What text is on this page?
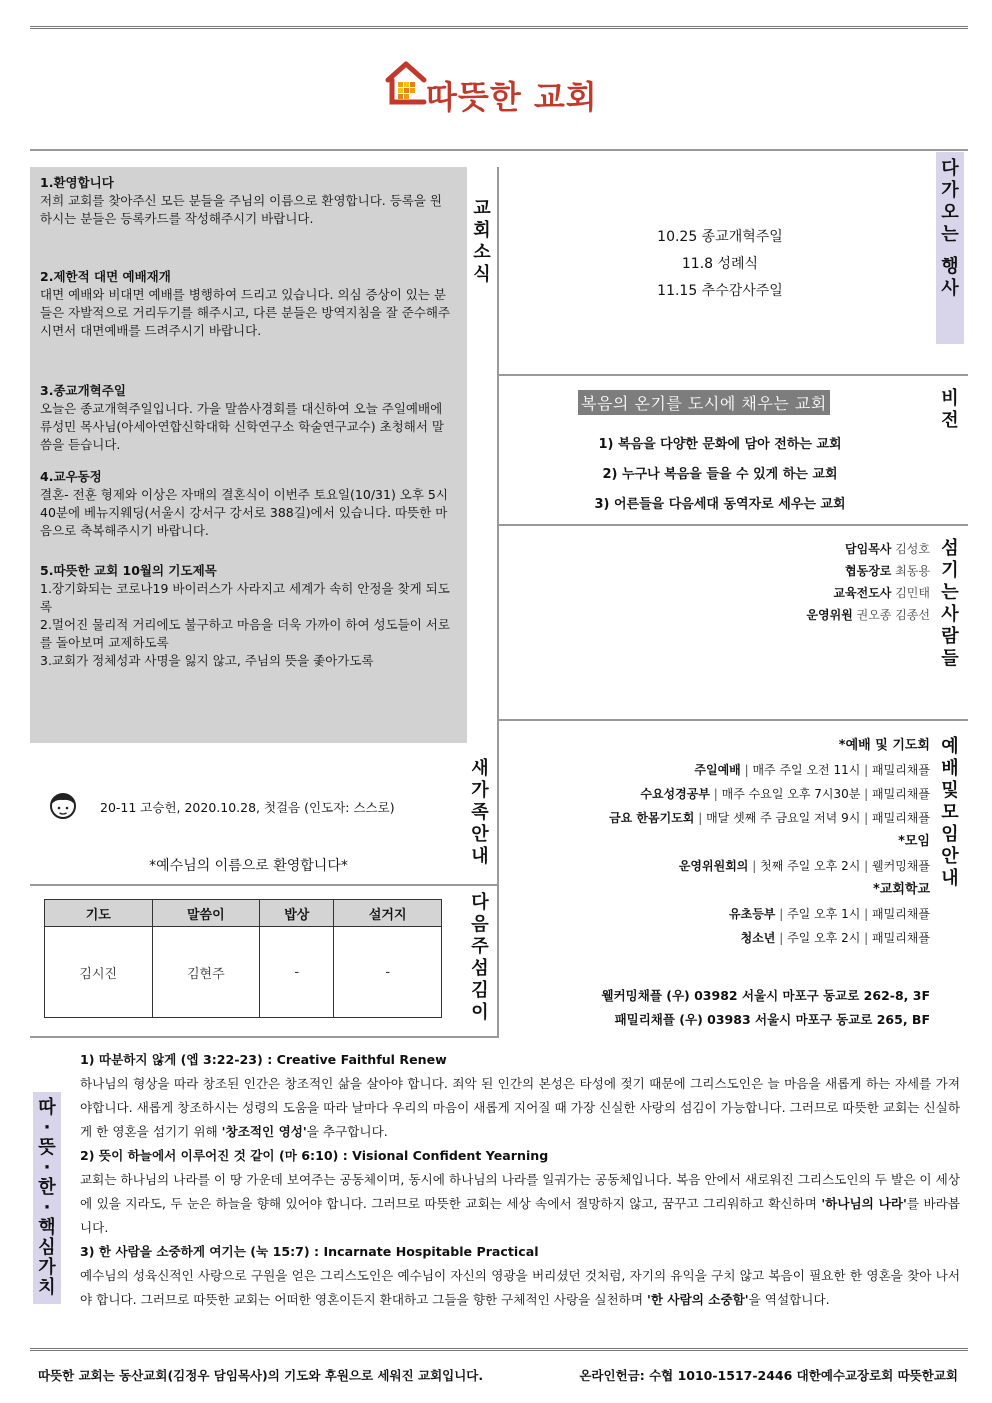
따뜻한 교회
교
회
소
식

1.환영합니다

저희 교회를 찾아주신 모든 분들을 주님의 이름으로 환영합니다. 등록을 원하시는 분들은 등록카드를 작성해주시기 바랍니다.

2.제한적 대면 예배재개

대면 예배와 비대면 예배를 병행하여 드리고 있습니다. 의심 증상이 있는 분들은 자발적으로 거리두기를 해주시고, 다른 분들은 방역지침을 잘 준수해주시면서 대면예배를 드려주시기 바랍니다.

3.종교개혁주일

오늘은 종교개혁주일입니다. 가을 말씀사경회를 대신하여 오늘 주일예배에 류성민 목사님(아세아연합신학대학 신학연구소 학술연구교수) 초청해서 말씀을 듣습니다.

4.교우동정

결혼- 전훈 형제와 이상은 자매의 결혼식이 이번주 토요일(10/31) 오후 5시 40분에 베뉴지웨딩(서울시 강서구 강서로 388길)에서 있습니다. 따뜻한 마음으로 축복해주시기 바랍니다.

5.따뜻한 교회 10월의 기도제목

1.장기화되는 코로나19 바이러스가 사라지고 세계가 속히 안정을 찾게 되도록

2.멀어진 물리적 거리에도 불구하고 마음을 더욱 가까이 하여 성도들이 서로를 돌아보며 교제하도록

3.교회가 정체성과 사명을 잃지 않고, 주님의 뜻을 좇아가도록

다
가
오
는
행
사
10.25 종교개혁주일
11.8 성례식
11.15 추수감사주일
비
전
복음의 온기를 도시에 채우는 교회
1) 복음을 다양한 문화에 담아 전하는 교회
2) 누구나 복음을 들을 수 있게 하는 교회
3) 어른들을 다음세대 동역자로 세우는 교회
섬
기
는
사
람
들
담임목사 김성호
협동장로 최동용
교육전도사 김민태
운영위원 권오종 김종선
예
배
및
모
임
안
내
*예배 및 기도회
주일예배 | 매주 주일 오전 11시 | 패밀리채플
수요성경공부 | 매주 수요일 오후 7시30분 | 패밀리채플
금요 한몸기도회 | 매달 셋째 주 금요일 저녁 9시 | 패밀리채플
*모임
운영위원회의 | 첫째 주일 오후 2시 | 웰커밍채플
*교회학교
유초등부 | 주일 오후 1시 | 패밀리채플
청소년 | 주일 오후 2시 | 패밀리채플
웰커밍채플 (우) 03982 서울시 마포구 동교로 262-8, 3F
패밀리채플 (우) 03983 서울시 마포구 동교로 265, BF
새
가
족
안
내
20-11 고승헌, 2020.10.28, 첫걸음 (인도자: 스스로)
*예수님의 이름으로 환영합니다*
다
음
주
섬
김
이
기도	말씀이	밥상	설거지
김시진	김현주	-	-
따
·
뜻
·
한
·
핵
심
가
치

1) 따분하지 않게 (엡 3:22-23) : Creative Faithful Renew

하나님의 형상을 따라 창조된 인간은 창조적인 삶을 살아야 합니다. 죄악 된 인간의 본성은 타성에 젖기 때문에 그리스도인은 늘 마음을 새롭게 하는 자세를 가져야합니다. 새롭게 창조하시는 성령의 도움을 따라 날마다 우리의 마음이 새롭게 지어질 때 가장 신실한 사랑의 섬김이 가능합니다. 그러므로 따뜻한 교회는 신실하게 한 영혼을 섬기기 위해 '창조적인 영성'을 추구합니다.

2) 뜻이 하늘에서 이루어진 것 같이 (마 6:10) : Visional Confident Yearning

교회는 하나님의 나라를 이 땅 가운데 보여주는 공동체이며, 동시에 하나님의 나라를 일궈가는 공동체입니다. 복음 안에서 새로워진 그리스도인의 두 발은 이 세상에 있을 지라도, 두 눈은 하늘을 향해 있어야 합니다. 그러므로 따뜻한 교회는 세상 속에서 절망하지 않고, 꿈꾸고 그리워하고 확신하며 '하나님의 나라'를 바라봅니다.

3) 한 사람을 소중하게 여기는 (눅 15:7) : Incarnate Hospitable Practical

예수님의 성육신적인 사랑으로 구원을 얻은 그리스도인은 예수님이 자신의 영광을 버리셨던 것처럼, 자기의 유익을 구치 않고 복음이 필요한 한 영혼을 찾아 나서야 합니다. 그러므로 따뜻한 교회는 어떠한 영혼이든지 환대하고 그들을 향한 구체적인 사랑을 실천하며 '한 사람의 소중함'을 역설합니다.

따뜻한 교회는 동산교회(김정우 담임목사)의 기도와 후원으로 세워진 교회입니다.	온라인헌금: 수협 1010-1517-2446 대한예수교장로회 따뜻한교회
